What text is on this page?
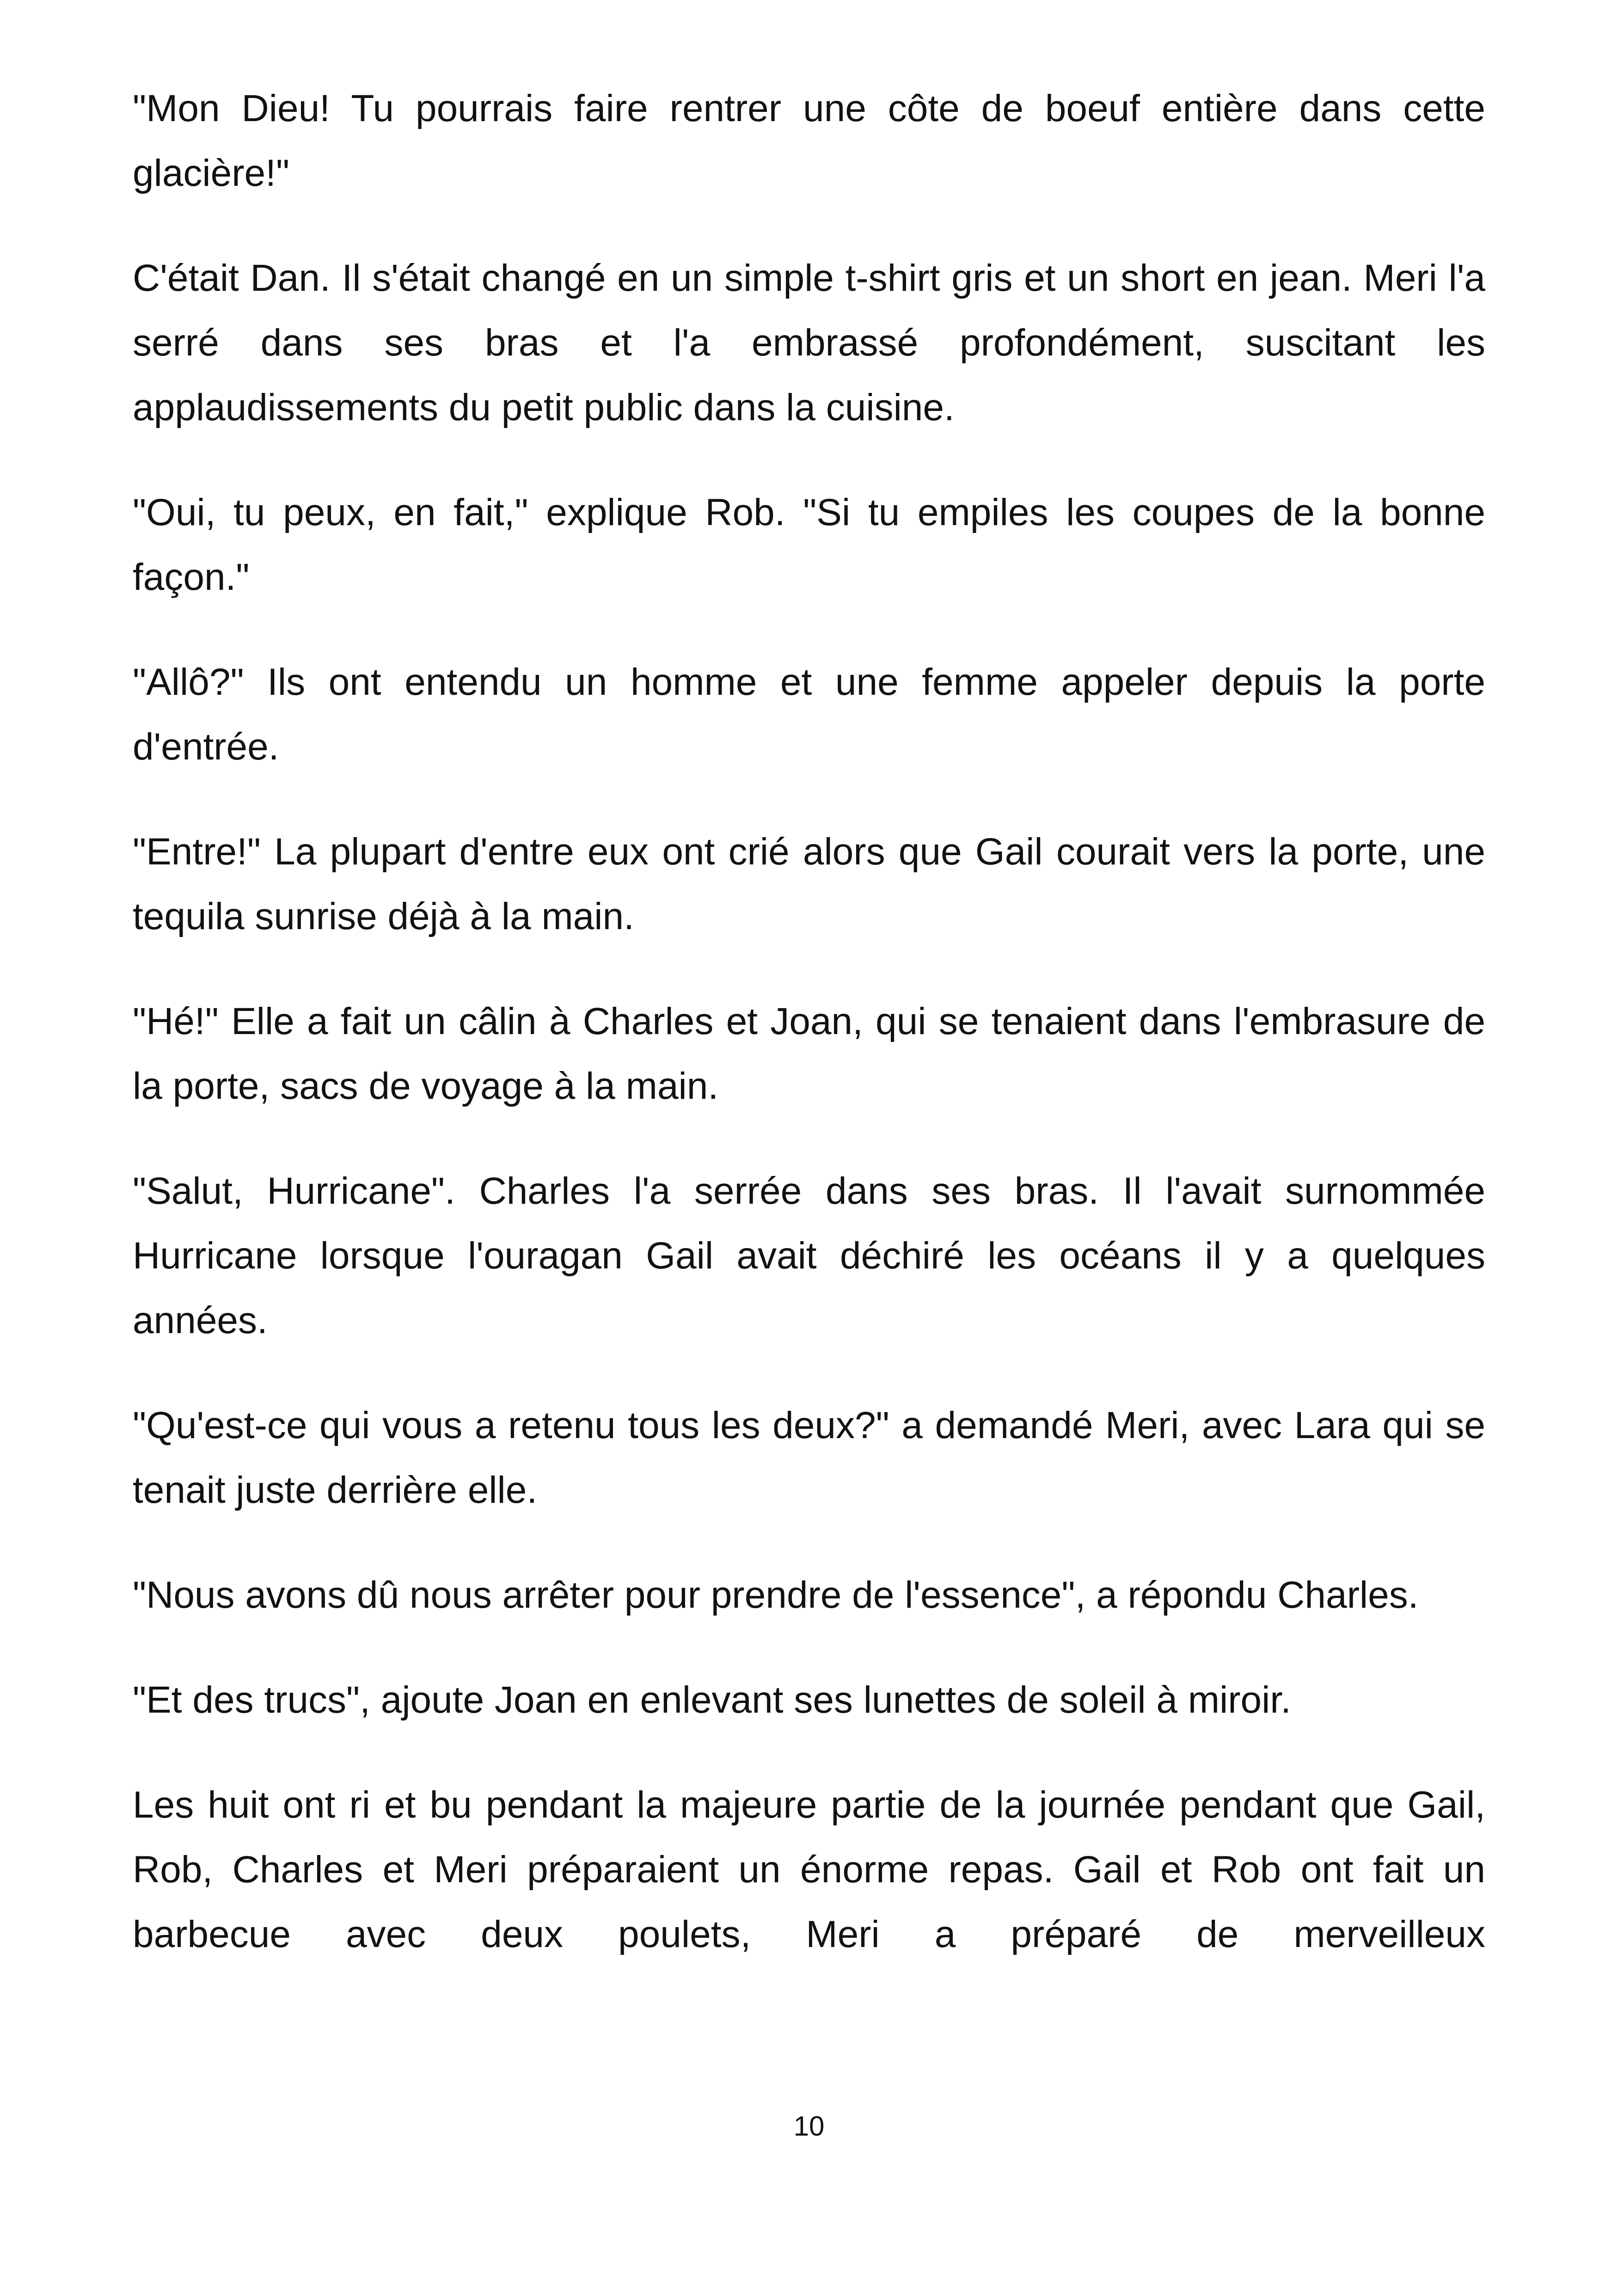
"Mon Dieu! Tu pourrais faire rentrer une côte de boeuf entière dans cette glacière!"

C'était Dan. Il s'était changé en un simple t-shirt gris et un short en jean. Meri l'a serré dans ses bras et l'a embrassé profondément, suscitant les applaudissements du petit public dans la cuisine.

"Oui, tu peux, en fait," explique Rob. "Si tu empiles les coupes de la bonne façon."

"Allô?" Ils ont entendu un homme et une femme appeler depuis la porte d'entrée.

"Entre!" La plupart d'entre eux ont crié alors que Gail courait vers la porte, une tequila sunrise déjà à la main.

"Hé!" Elle a fait un câlin à Charles et Joan, qui se tenaient dans l'embrasure de la porte, sacs de voyage à la main.

"Salut, Hurricane". Charles l'a serrée dans ses bras. Il l'avait surnommée Hurricane lorsque l'ouragan Gail avait déchiré les océans il y a quelques années.

"Qu'est-ce qui vous a retenu tous les deux?" a demandé Meri, avec Lara qui se tenait juste derrière elle.

"Nous avons dû nous arrêter pour prendre de l'essence", a répondu Charles.

"Et des trucs", ajoute Joan en enlevant ses lunettes de soleil à miroir.

Les huit ont ri et bu pendant la majeure partie de la journée pendant que Gail, Rob, Charles et Meri préparaient un énorme repas. Gail et Rob ont fait un barbecue avec deux poulets, Meri a préparé de merveilleux

10
